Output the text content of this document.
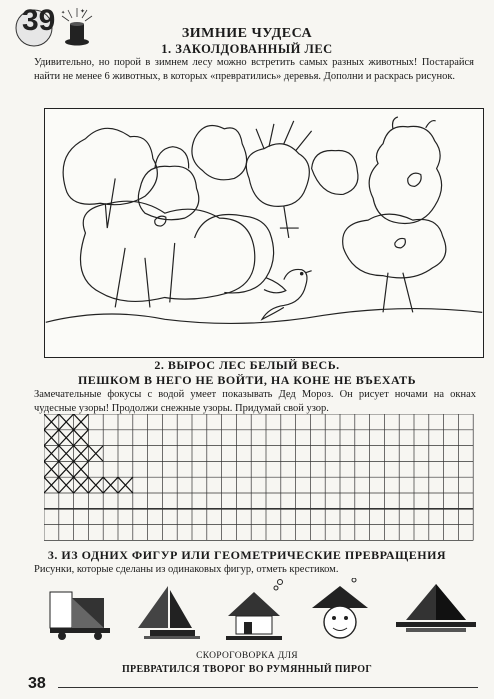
✦
✦
39	ЗИМНИЕ ЧУДЕСА
1. ЗАКОЛДОВАННЫЙ ЛЕС
Удивительно, но порой в зимнем лесу можно встретить самых разных животных! Постарайся найти не менее 6 животных, в которых «превратились» деревья. Дополни и раскрась рисунок.
2. ВЫРОС ЛЕС БЕЛЫЙ ВЕСЬ.
ПЕШКОМ В НЕГО НЕ ВОЙТИ, НА КОНЕ НЕ ВЪЕХАТЬ
Замечательные фокусы с водой умеет показывать Дед Мороз. Он рисует ночами на окнах чудесные узоры! Продолжи снежные узоры. Придумай свой узор.
3. ИЗ ОДНИХ ФИГУР ИЛИ ГЕОМЕТРИЧЕСКИЕ ПРЕВРАЩЕНИЯ
Рисунки, которые сделаны из одинаковых фигур, отметь крестиком.
СКОРОГОВОРКА ДЛЯ
ПРЕВРАТИЛСЯ ТВОРОГ ВО РУМЯННЫЙ ПИРОГ
38
